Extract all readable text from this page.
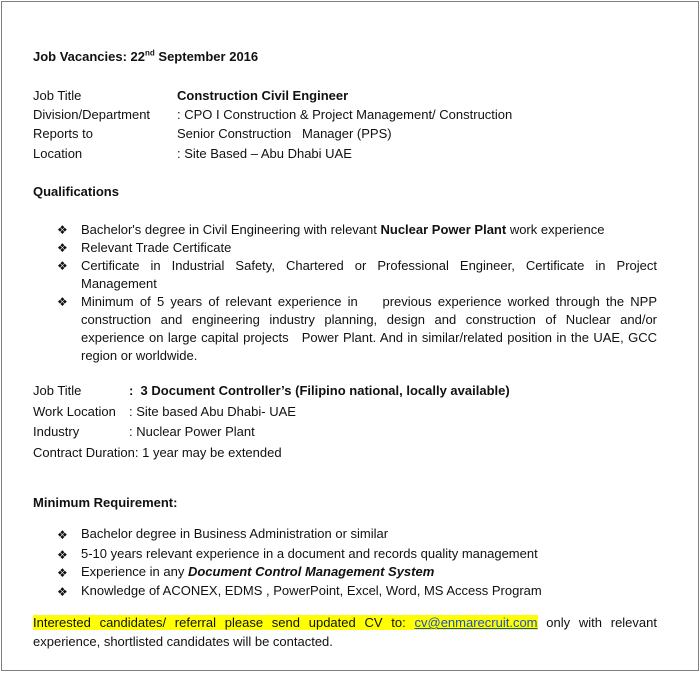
Job Vacancies: 22nd September 2016
Job Title	Construction Civil Engineer
Division/Department : CPO I Construction & Project Management/ Construction
Reports to	Senior Construction   Manager (PPS)
Location	: Site Based – Abu Dhabi UAE
Qualifications
❖ Bachelor's degree in Civil Engineering with relevant Nuclear Power Plant work experience
❖ Relevant Trade Certificate
❖ Certificate in Industrial Safety, Chartered or Professional Engineer, Certificate in Project Management
❖ Minimum of 5 years of relevant experience in    previous experience worked through the NPP construction and engineering industry planning, design and construction of Nuclear and/or experience on large capital projects   Power Plant. And in similar/related position in the UAE, GCC region or worldwide.
Job Title	:  3 Document Controller’s (Filipino national, locally available)
Work Location : Site based Abu Dhabi- UAE
Industry	: Nuclear Power Plant
Contract Duration: 1 year may be extended
Minimum Requirement:
❖ Bachelor degree in Business Administration or similar
❖ 5-10 years relevant experience in a document and records quality management
❖ Experience in any Document Control Management System
❖ Knowledge of ACONEX, EDMS , PowerPoint, Excel, Word, MS Access Program
Interested candidates/ referral please send updated CV to: cv@enmarecruit.com only with relevant experience, shortlisted candidates will be contacted.
